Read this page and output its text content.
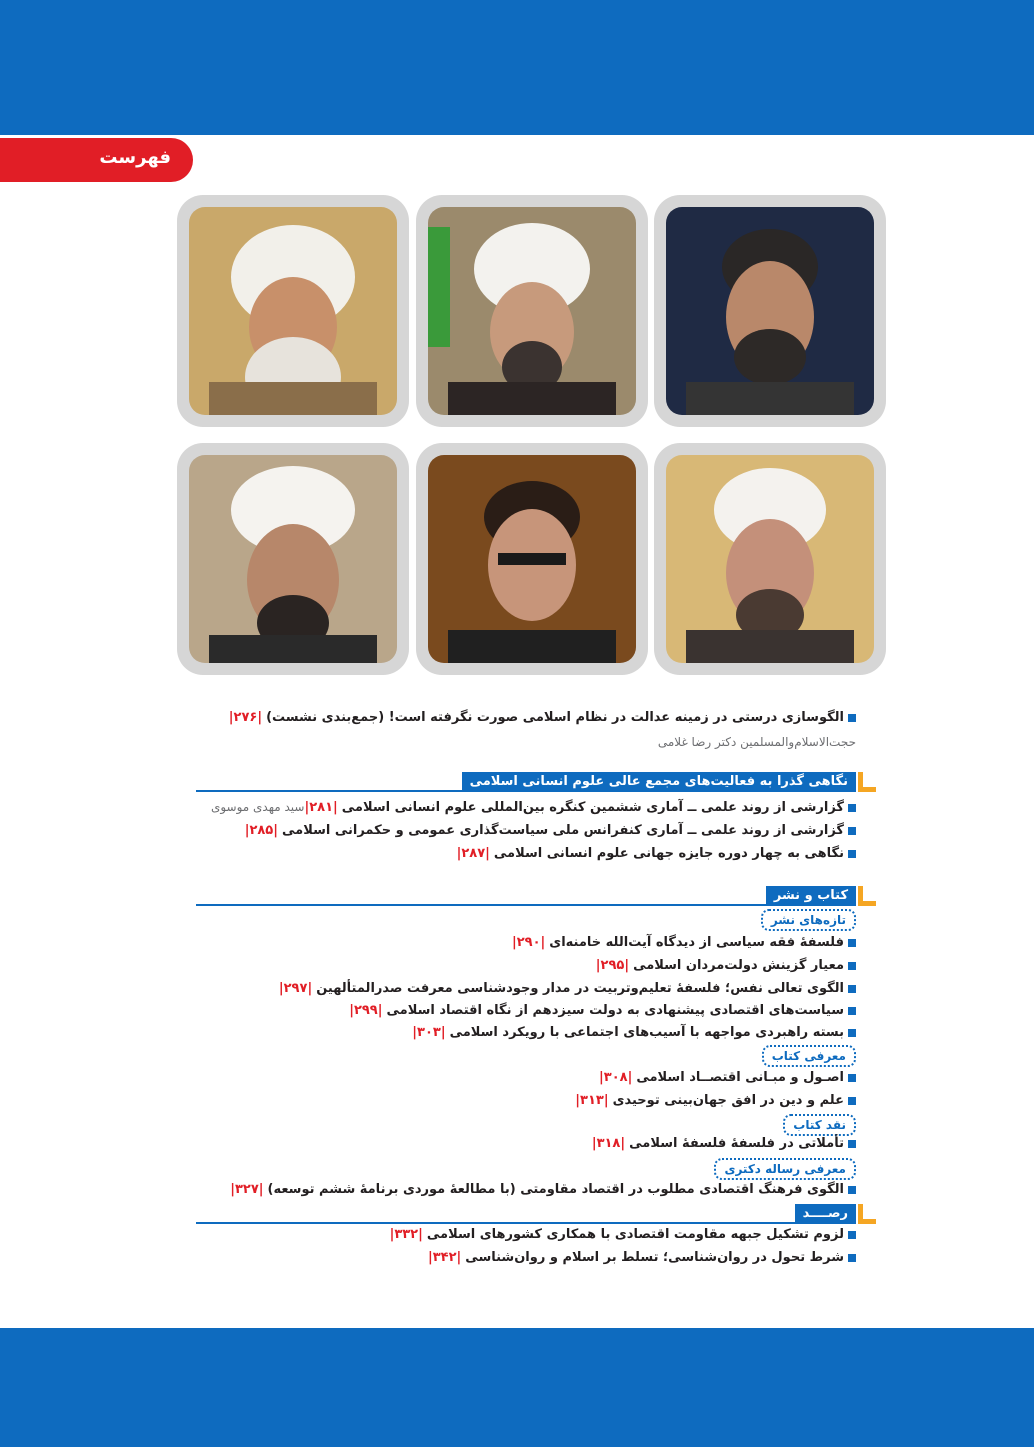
فهرست
الگوسازی درستی در زمینه عدالت در نظام اسلامی صورت نگرفته است! (جمع‌بندی نشست)|۲۷۶|
حجت‌الاسلام‌والمسلمین دکتر رضا غلامی
نگاهی گذرا به فعالیت‌های مجمع عالی علوم انسانی اسلامی
گزارشی از روند علمی ــ آماری ششمین کنگره بین‌المللی علوم انسانی اسلامی|۲۸۱|سید مهدی موسوی
گزارشی از روند علمی ــ آماری کنفرانس ملی سیاست‌گذاری عمومی و حکمرانی اسلامی|۲۸۵|
نگاهی به چهار دوره جایزه جهانی علوم انسانی اسلامی|۲۸۷|
کتاب و نشر
تازه‌های نشر
فلسفهٔ فقه سیاسی از دیدگاه آیت‌الله خامنه‌ای|۲۹۰|
معیار گزینش دولت‌مردان اسلامی|۲۹۵|
الگوی تعالی نفس؛ فلسفهٔ تعلیم‌وتربیت در مدار وجودشناسی معرفت صدرالمتألهین|۲۹۷|
سیاست‌های اقتصادی پیشنهادی به دولت سیزدهم از نگاه اقتصاد اسلامی|۲۹۹|
بسته راهبردی مواجهه با آسیب‌های اجتماعی با رویکرد اسلامی|۳۰۳|
معرفی کتاب
اصـول و مبـانی اقتصــاد اسلامی|۳۰۸|
علم و دین در افق جهان‌بینی توحیدی|۳۱۳|
نقد کتاب
تأملاتی در فلسفهٔ فلسفهٔ اسلامی|۳۱۸|
معرفی رساله دکتری
الگوی فرهنگ اقتصادی مطلوب در اقتصاد مقاومتی (با مطالعهٔ موردی برنامهٔ ششم توسعه)|۳۲۷|
رصــــد
لزوم تشکیل جبهه مقاومت اقتصادی با همکاری کشورهای اسلامی|۳۳۲|
شرط تحول در روان‌شناسی؛ تسلط بر اسلام و روان‌شناسی|۳۴۲|
